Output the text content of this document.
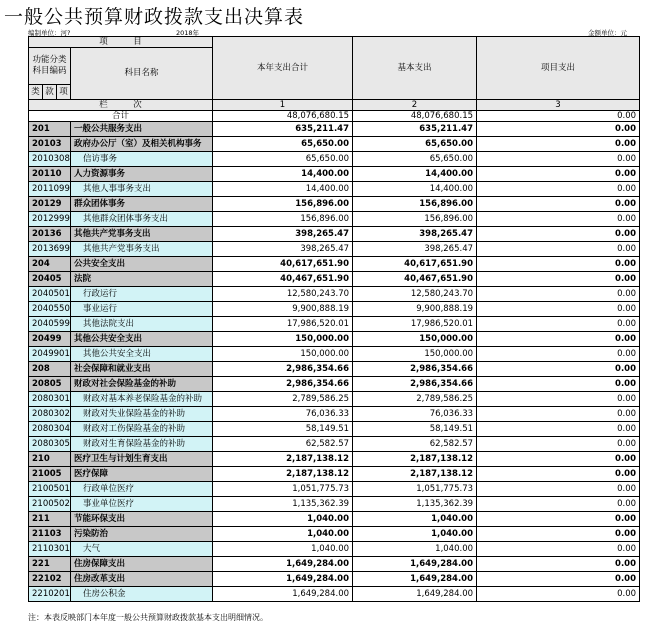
一般公共预算财政拨款支出决算表
编制单位：河?	2018年	金额单位：元
项　　　目				本年支出合计	基本支出	项目支出
功能分类
科目编码			科目名称			
类	款	项				
栏　　　次				1	2	3
合计				48,076,680.15	48,076,680.15	0.00
201			一般公共服务支出	635,211.47	635,211.47	0.00
20103			政府办公厅（室）及相关机构事务	65,650.00	65,650.00	0.00
2010308			信访事务	65,650.00	65,650.00	0.00
20110			人力资源事务	14,400.00	14,400.00	0.00
2011099			其他人事事务支出	14,400.00	14,400.00	0.00
20129			群众团体事务	156,896.00	156,896.00	0.00
2012999			其他群众团体事务支出	156,896.00	156,896.00	0.00
20136			其他共产党事务支出	398,265.47	398,265.47	0.00
2013699			其他共产党事务支出	398,265.47	398,265.47	0.00
204			公共安全支出	40,617,651.90	40,617,651.90	0.00
20405			法院	40,467,651.90	40,467,651.90	0.00
2040501			行政运行	12,580,243.70	12,580,243.70	0.00
2040550			事业运行	9,900,888.19	9,900,888.19	0.00
2040599			其他法院支出	17,986,520.01	17,986,520.01	0.00
20499			其他公共安全支出	150,000.00	150,000.00	0.00
2049901			其他公共安全支出	150,000.00	150,000.00	0.00
208			社会保障和就业支出	2,986,354.66	2,986,354.66	0.00
20805			财政对社会保险基金的补助	2,986,354.66	2,986,354.66	0.00
2080301			财政对基本养老保险基金的补助	2,789,586.25	2,789,586.25	0.00
2080302			财政对失业保险基金的补助	76,036.33	76,036.33	0.00
2080304			财政对工伤保险基金的补助	58,149.51	58,149.51	0.00
2080305			财政对生育保险基金的补助	62,582.57	62,582.57	0.00
210			医疗卫生与计划生育支出	2,187,138.12	2,187,138.12	0.00
21005			医疗保障	2,187,138.12	2,187,138.12	0.00
2100501			行政单位医疗	1,051,775.73	1,051,775.73	0.00
2100502			事业单位医疗	1,135,362.39	1,135,362.39	0.00
211			节能环保支出	1,040.00	1,040.00	0.00
21103			污染防治	1,040.00	1,040.00	0.00
2110301			大气	1,040.00	1,040.00	0.00
221			住房保障支出	1,649,284.00	1,649,284.00	0.00
22102			住房改革支出	1,649,284.00	1,649,284.00	0.00
2210201			住房公积金	1,649,284.00	1,649,284.00	0.00
注：本表反映部门本年度一般公共预算财政拨款基本支出明细情况。
